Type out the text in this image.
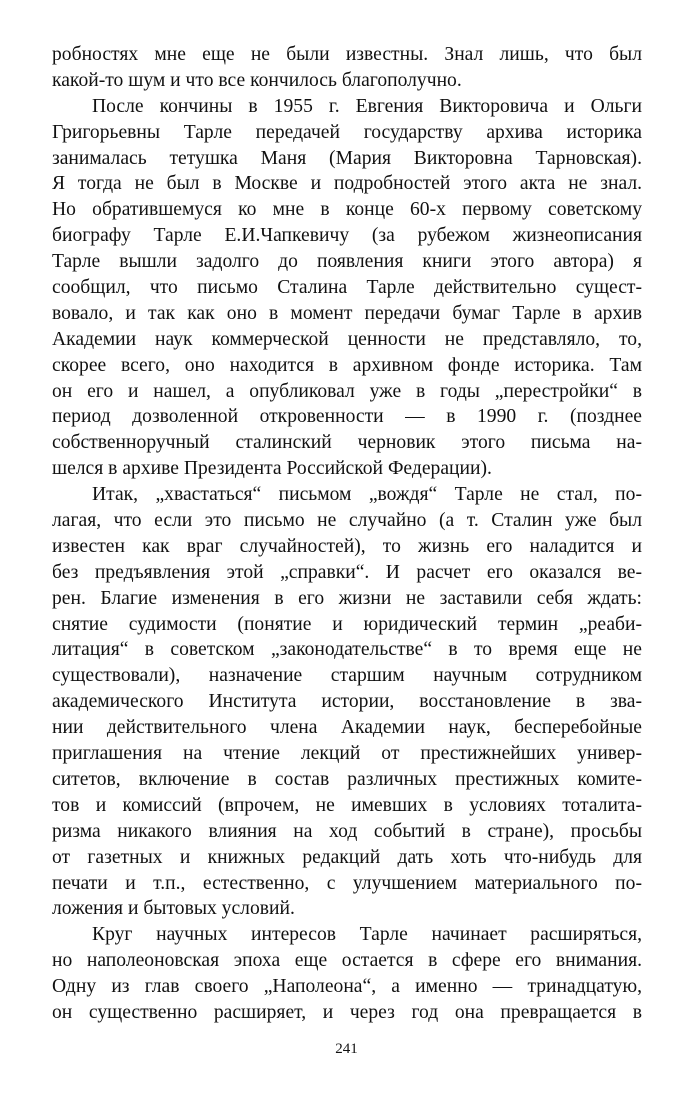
робностях мне еще не были известны. Знал лишь, что был
какой-то шум и что все кончилось благополучно.
После кончины в 1955 г. Евгения Викторовича и Ольги
Григорьевны Тарле передачей государству архива историка
занималась тетушка Маня (Мария Викторовна Тарновская).
Я тогда не был в Москве и подробностей этого акта не знал.
Но обратившемуся ко мне в конце 60-х первому советскому
биографу Тарле Е.И.Чапкевичу (за рубежом жизнеописания
Тарле вышли задолго до появления книги этого автора) я
сообщил, что письмо Сталина Тарле действительно сущест-
вовало, и так как оно в момент передачи бумаг Тарле в архив
Академии наук коммерческой ценности не представляло, то,
скорее всего, оно находится в архивном фонде историка. Там
он его и нашел, а опубликовал уже в годы „перестройки“ в
период дозволенной откровенности — в 1990 г. (позднее
собственноручный сталинский черновик этого письма на-
шелся в архиве Президента Российской Федерации).
Итак, „хвастаться“ письмом „вождя“ Тарле не стал, по-
лагая, что если это письмо не случайно (а т. Сталин уже был
известен как враг случайностей), то жизнь его наладится и
без предъявления этой „справки“. И расчет его оказался ве-
рен. Благие изменения в его жизни не заставили себя ждать:
снятие судимости (понятие и юридический термин „реаби-
литация“ в советском „законодательстве“ в то время еще не
существовали), назначение старшим научным сотрудником
академического Института истории, восстановление в зва-
нии действительного члена Академии наук, бесперебойные
приглашения на чтение лекций от престижнейших универ-
ситетов, включение в состав различных престижных комите-
тов и комиссий (впрочем, не имевших в условиях тоталита-
ризма никакого влияния на ход событий в стране), просьбы
от газетных и книжных редакций дать хоть что-нибудь для
печати и т.п., естественно, с улучшением материального по-
ложения и бытовых условий.
Круг научных интересов Тарле начинает расширяться,
но наполеоновская эпоха еще остается в сфере его внимания.
Одну из глав своего „Наполеона“, а именно — тринадцатую,
он существенно расширяет, и через год она превращается в
241
